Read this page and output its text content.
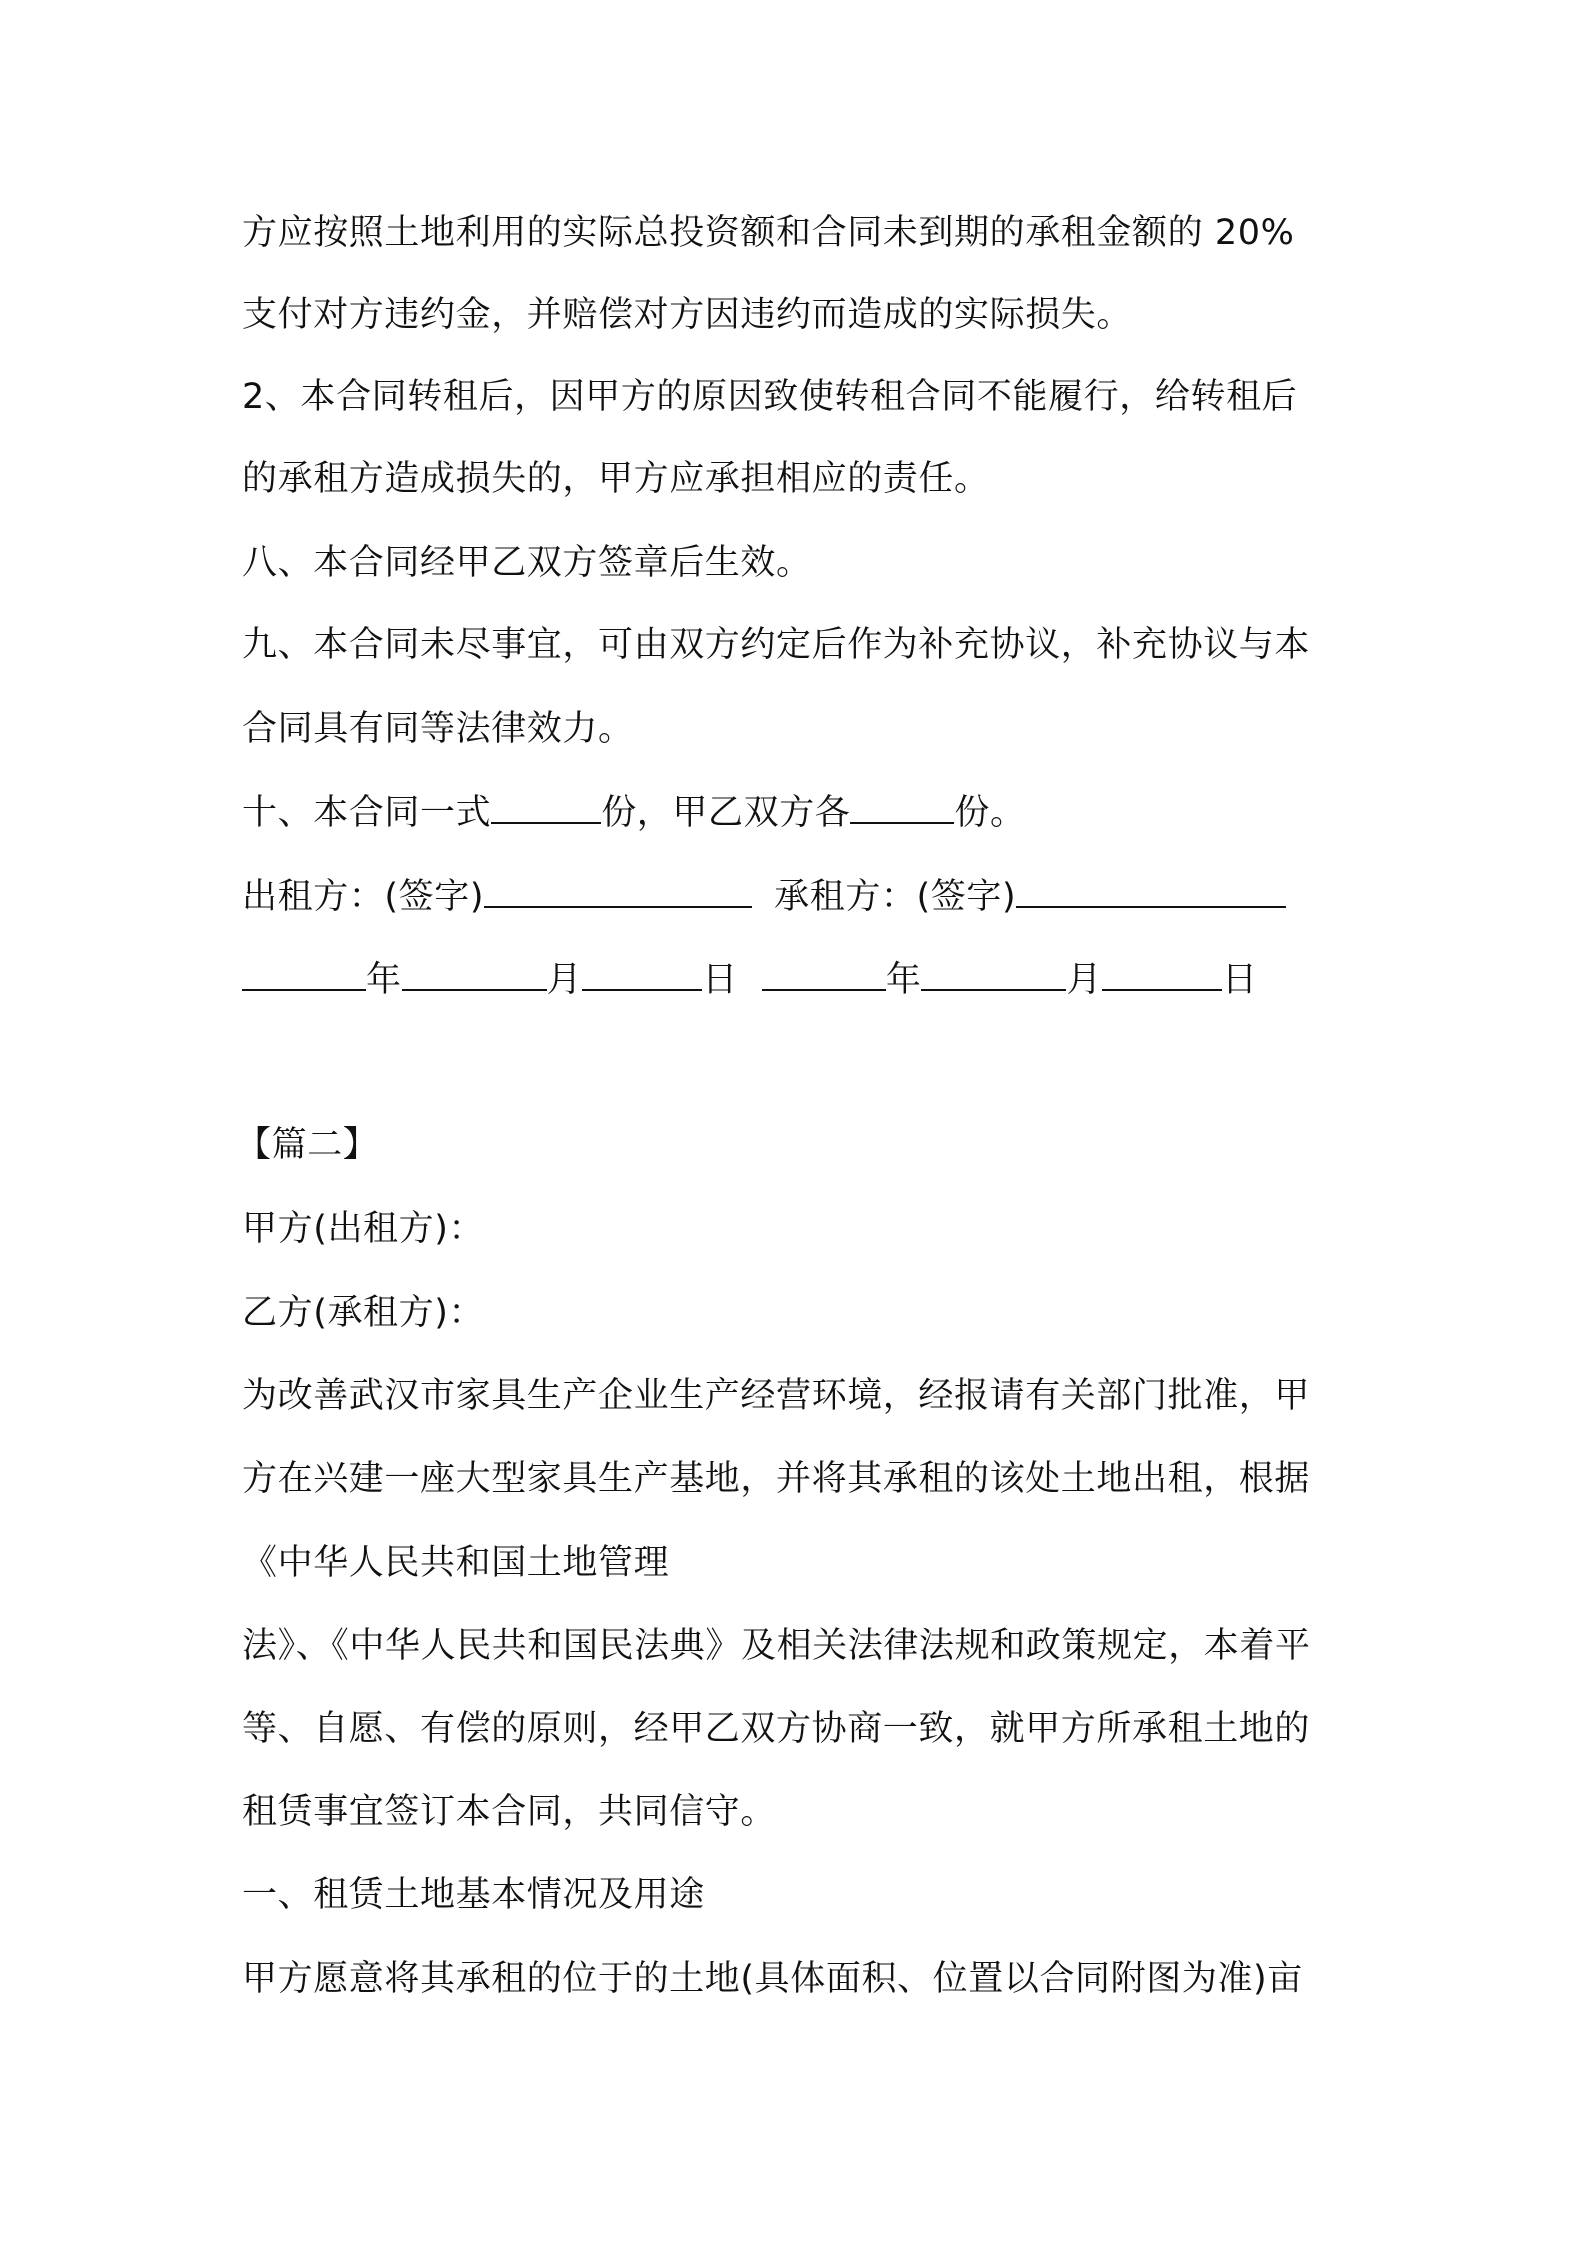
方应按照土地利用的实际总投资额和合同未到期的承租金额的 20%
支付对方违约金，并赔偿对方因违约而造成的实际损失。
2、本合同转租后，因甲方的原因致使转租合同不能履行，给转租后
的承租方造成损失的，甲方应承担相应的责任。
八、本合同经甲乙双方签章后生效。
九、本合同未尽事宜，可由双方约定后作为补充协议，补充协议与本
合同具有同等法律效力。
十、本合同一式	份，甲乙双方各	份。
出租方：(签字)	承租方：(签字)
年	月	日	年	月	日
【篇二】
甲方(出租方)：
乙方(承租方)：
为改善武汉市家具生产企业生产经营环境，经报请有关部门批准，甲
方在兴建一座大型家具生产基地，并将其承租的该处土地出租，根据
《中华人民共和国土地管理
法》、《中华人民共和国民法典》及相关法律法规和政策规定，本着平
等、自愿、有偿的原则，经甲乙双方协商一致，就甲方所承租土地的
租赁事宜签订本合同，共同信守。
一、租赁土地基本情况及用途
甲方愿意将其承租的位于的土地(具体面积、位置以合同附图为准)亩
